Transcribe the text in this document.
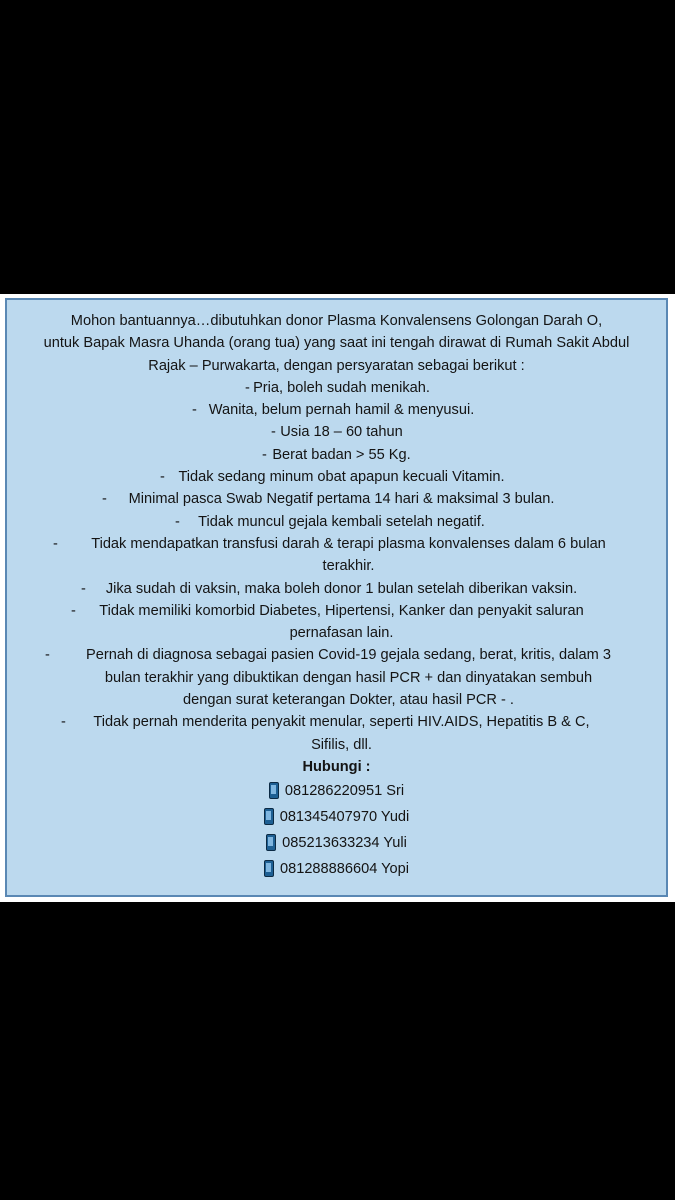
Mohon bantuannya…dibutuhkan donor Plasma Konvalensens Golongan Darah O,
untuk Bapak Masra Uhanda (orang tua) yang saat ini tengah dirawat di Rumah Sakit Abdul
Rajak – Purwakarta, dengan persyaratan sebagai berikut :
- Pria, boleh sudah menikah.
- Wanita, belum pernah hamil & menyusui.
- Usia 18 – 60 tahun
- Berat badan > 55 Kg.
- Tidak sedang minum obat apapun kecuali Vitamin.
-	Minimal pasca Swab Negatif pertama 14 hari & maksimal 3 bulan.
-	Tidak muncul gejala kembali setelah negatif.
-	Tidak mendapatkan transfusi darah & terapi plasma konvalenses dalam 6 bulan
terakhir.
-	Jika sudah di vaksin, maka boleh donor 1 bulan setelah diberikan vaksin.
-	Tidak memiliki komorbid Diabetes, Hipertensi, Kanker dan penyakit saluran
pernafasan lain.
-	Pernah di diagnosa sebagai pasien Covid-19 gejala sedang, berat, kritis, dalam 3
bulan terakhir yang dibuktikan dengan hasil PCR + dan dinyatakan sembuh
dengan surat keterangan Dokter, atau hasil PCR - .
-	Tidak pernah menderita penyakit menular, seperti HIV.AIDS, Hepatitis B & C,
Sifilis, dll.
Hubungi :
081286220951 Sri
081345407970 Yudi
085213633234 Yuli
081288886604 Yopi
